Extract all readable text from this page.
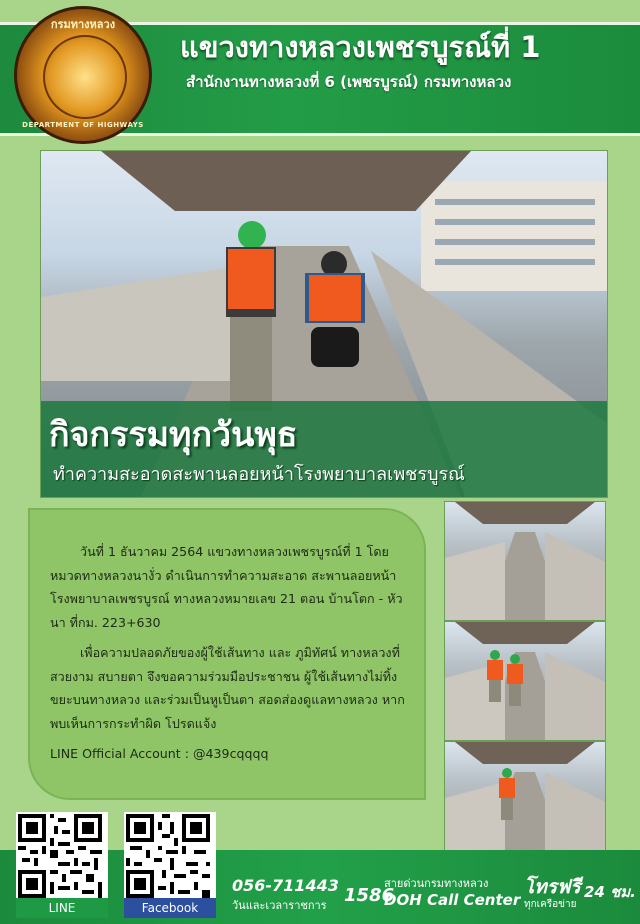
กรมทางหลวง
DEPARTMENT OF HIGHWAYS
แขวงทางหลวงเพชรบูรณ์ที่ 1
สำนักงานทางหลวงที่ 6 (เพชรบูรณ์) กรมทางหลวง
กิจกรรมทุกวันพุธ
ทำความสะอาดสะพานลอยหน้าโรงพยาบาลเพชรบูรณ์

วันที่ 1 ธันวาคม 2564 แขวงทางหลวงเพชรบูรณ์ที่ 1 โดยหมวดทางหลวงนางั่ว ดำเนินการทำความสะอาด สะพานลอยหน้าโรงพยาบาลเพชรบูรณ์ ทางหลวงหมายเลข 21 ตอน บ้านโตก - หัวนา ที่กม. 223+630

เพื่อความปลอดภัยของผู้ใช้เส้นทาง และ ภูมิทัศน์ ทางหลวงที่สวยงาม สบายตา จึงขอความร่วมมือประชาชน ผู้ใช้เส้นทางไม่ทิ้งขยะบนทางหลวง และร่วมเป็นหูเป็นตา สอดส่องดูแลทางหลวง หากพบเห็นการกระทำผิด โปรดแจ้ง

LINE Official Account : @439cqqqq

LINE	Facebook
056-711443
วันและเวลาราชการ 1586
สายด่วนกรมทางหลวง
DOH Call Center
โทรฟรี
ทุกเครือข่าย
24 ชม.
